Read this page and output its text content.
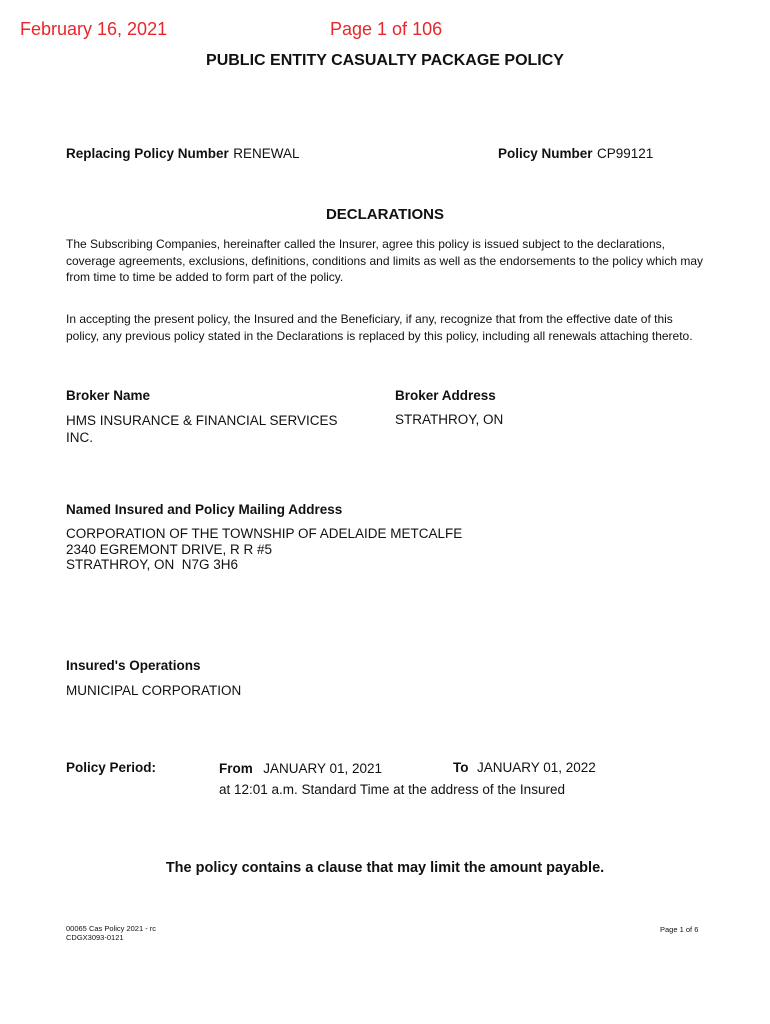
February 16, 2021	Page 1 of 106
PUBLIC ENTITY CASUALTY PACKAGE POLICY
Replacing Policy Number RENEWAL	Policy Number CP99121
DECLARATIONS
The Subscribing Companies, hereinafter called the Insurer, agree this policy is issued subject to the declarations, coverage agreements, exclusions, definitions, conditions and limits as well as the endorsements to the policy which may from time to time be added to form part of the policy.
In accepting the present policy, the Insured and the Beneficiary, if any, recognize that from the effective date of this policy, any previous policy stated in the Declarations is replaced by this policy, including all renewals attaching thereto.
Broker Name
HMS INSURANCE & FINANCIAL SERVICES
INC.
Broker Address
STRATHROY, ON
Named Insured and Policy Mailing Address
CORPORATION OF THE TOWNSHIP OF ADELAIDE METCALFE
2340 EGREMONT DRIVE, R R #5
STRATHROY, ON  N7G 3H6
Insured's Operations
MUNICIPAL CORPORATION
Policy Period:	From JANUARY 01, 2021	To JANUARY 01, 2022
at 12:01 a.m. Standard Time at the address of the Insured
The policy contains a clause that may limit the amount payable.
00065 Cas Policy 2021 - rc
CDGX3093-0121
Page 1 of 6
